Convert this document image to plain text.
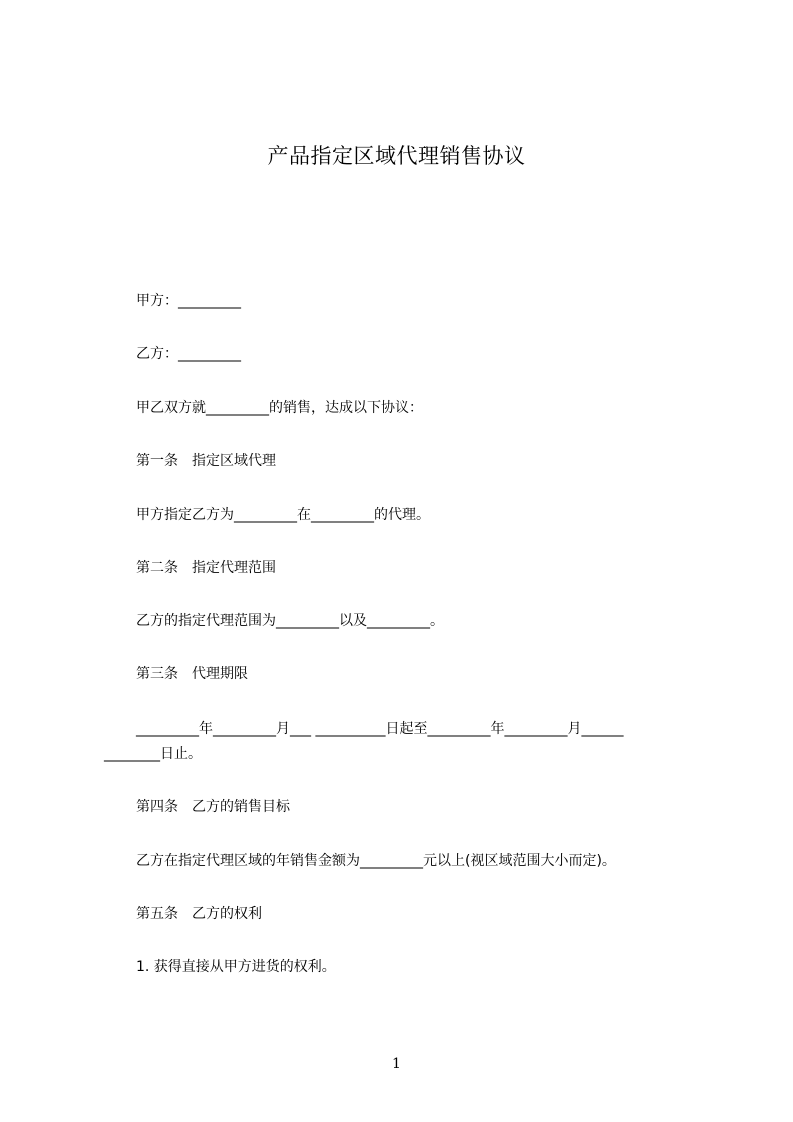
产品指定区域代理销售协议
甲方：_________
乙方：_________
甲乙双方就_________的销售，达成以下协议：
第一条　指定区域代理
甲方指定乙方为_________在_________的代理。
第二条　指定代理范围
乙方的指定代理范围为_________以及_________。
第三条　代理期限
_________年_________月___ __________日起至_________年_________月______
________日止。
第四条　乙方的销售目标
乙方在指定代理区域的年销售金额为_________元以上(视区域范围大小而定)。
第五条　乙方的权利
1. 获得直接从甲方进货的权利。
1
